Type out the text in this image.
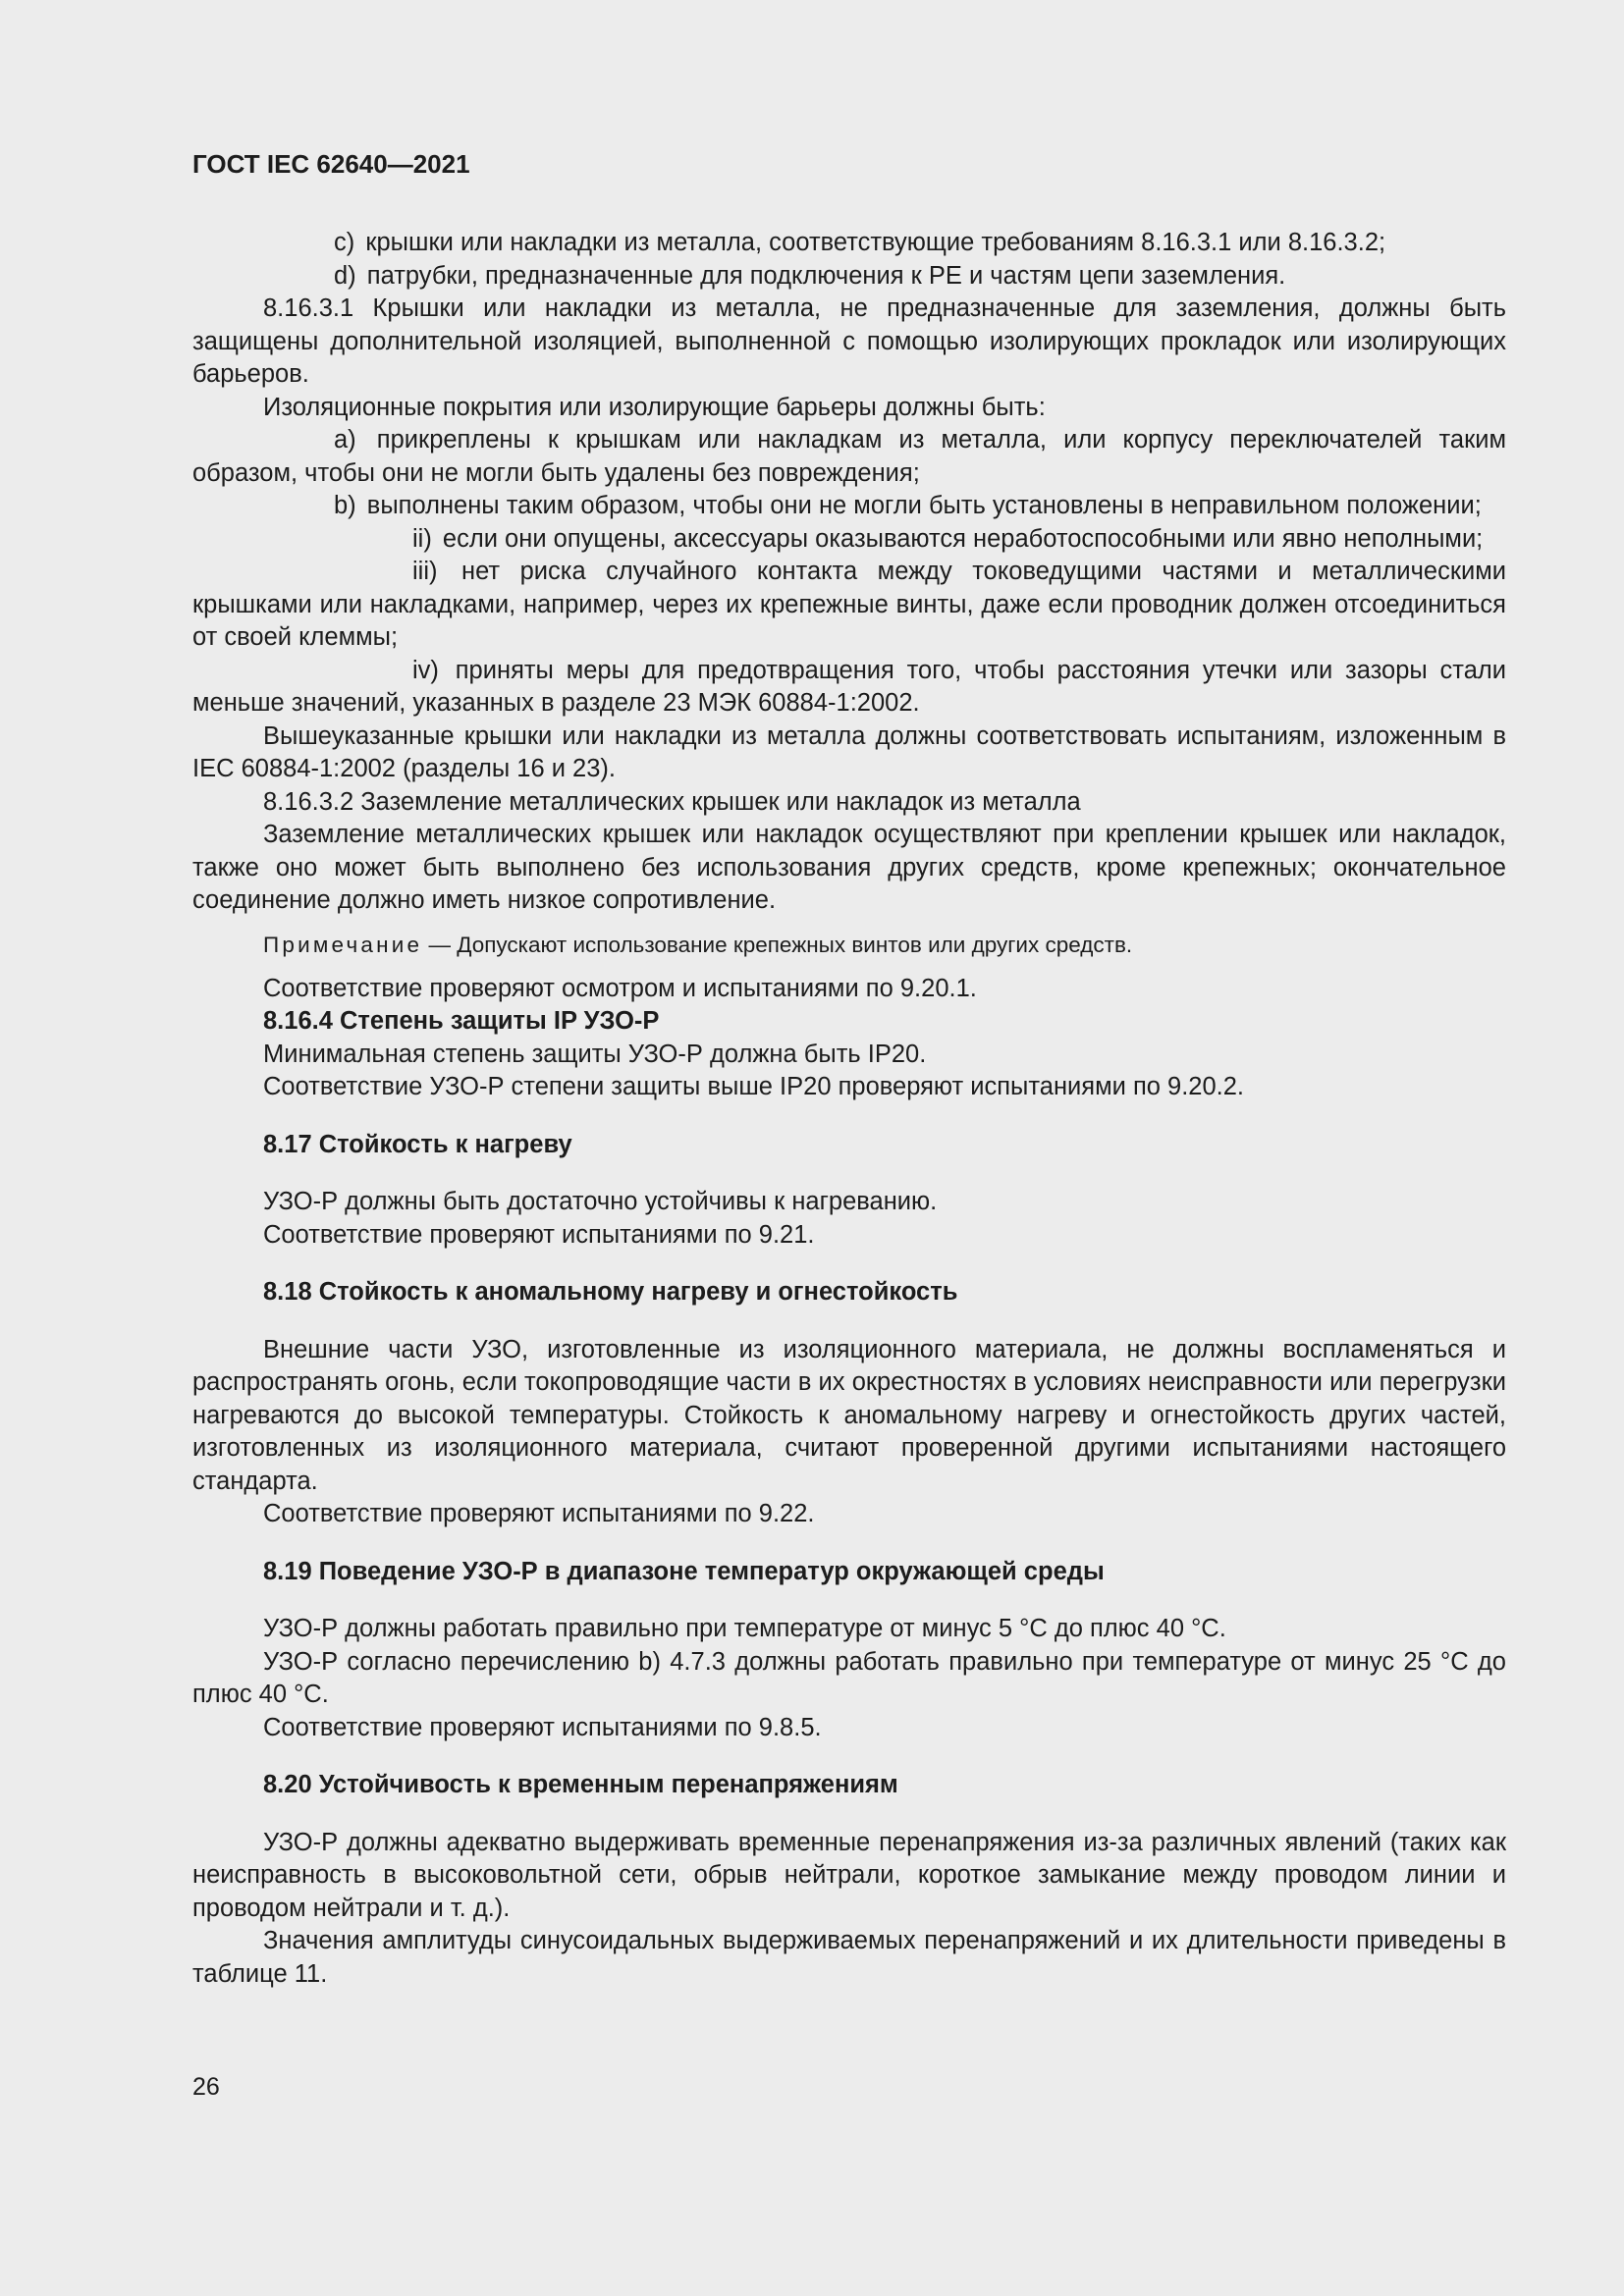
ГОСТ IEC 62640—2021

c) крышки или накладки из металла, соответствующие требованиям 8.16.3.1 или 8.16.3.2;

d) патрубки, предназначенные для подключения к PE и частям цепи заземления.

8.16.3.1 Крышки или накладки из металла, не предназначенные для заземления, должны быть защищены дополнительной изоляцией, выполненной с помощью изолирующих прокладок или изолирующих барьеров.

Изоляционные покрытия или изолирующие барьеры должны быть:

a) прикреплены к крышкам или накладкам из металла, или корпусу переключателей таким образом, чтобы они не могли быть удалены без повреждения;

b) выполнены таким образом, чтобы они не могли быть установлены в неправильном положении;

ii) если они опущены, аксессуары оказываются неработоспособными или явно неполными;

iii) нет риска случайного контакта между токоведущими частями и металлическими крышками или накладками, например, через их крепежные винты, даже если проводник должен отсоединиться от своей клеммы;

iv) приняты меры для предотвращения того, чтобы расстояния утечки или зазоры стали меньше значений, указанных в разделе 23 МЭК 60884-1:2002.

Вышеуказанные крышки или накладки из металла должны соответствовать испытаниям, изложенным в IEC 60884-1:2002 (разделы 16 и 23).

8.16.3.2 Заземление металлических крышек или накладок из металла

Заземление металлических крышек или накладок осуществляют при креплении крышек или накладок, также оно может быть выполнено без использования других средств, кроме крепежных; окончательное соединение должно иметь низкое сопротивление.

Примечание — Допускают использование крепежных винтов или других средств.

Соответствие проверяют осмотром и испытаниями по 9.20.1.

8.16.4 Степень защиты IP УЗО-Р

Минимальная степень защиты УЗО-Р должна быть IP20.

Соответствие УЗО-Р степени защиты выше IP20 проверяют испытаниями по 9.20.2.

8.17 Стойкость к нагреву

УЗО-Р должны быть достаточно устойчивы к нагреванию.

Соответствие проверяют испытаниями по 9.21.

8.18 Стойкость к аномальному нагреву и огнестойкость

Внешние части УЗО, изготовленные из изоляционного материала, не должны воспламеняться и распространять огонь, если токопроводящие части в их окрестностях в условиях неисправности или перегрузки нагреваются до высокой температуры. Стойкость к аномальному нагреву и огнестойкость других частей, изготовленных из изоляционного материала, считают проверенной другими испытаниями настоящего стандарта.

Соответствие проверяют испытаниями по 9.22.

8.19 Поведение УЗО-Р в диапазоне температур окружающей среды

УЗО-Р должны работать правильно при температуре от минус 5 °С до плюс 40 °С.

УЗО-Р согласно перечислению b) 4.7.3 должны работать правильно при температуре от минус 25 °С до плюс 40 °С.

Соответствие проверяют испытаниями по 9.8.5.

8.20 Устойчивость к временным перенапряжениям

УЗО-Р должны адекватно выдерживать временные перенапряжения из-за различных явлений (таких как неисправность в высоковольтной сети, обрыв нейтрали, короткое замыкание между проводом линии и проводом нейтрали и т. д.).

Значения амплитуды синусоидальных выдерживаемых перенапряжений и их длительности приведены в таблице 11.

26
